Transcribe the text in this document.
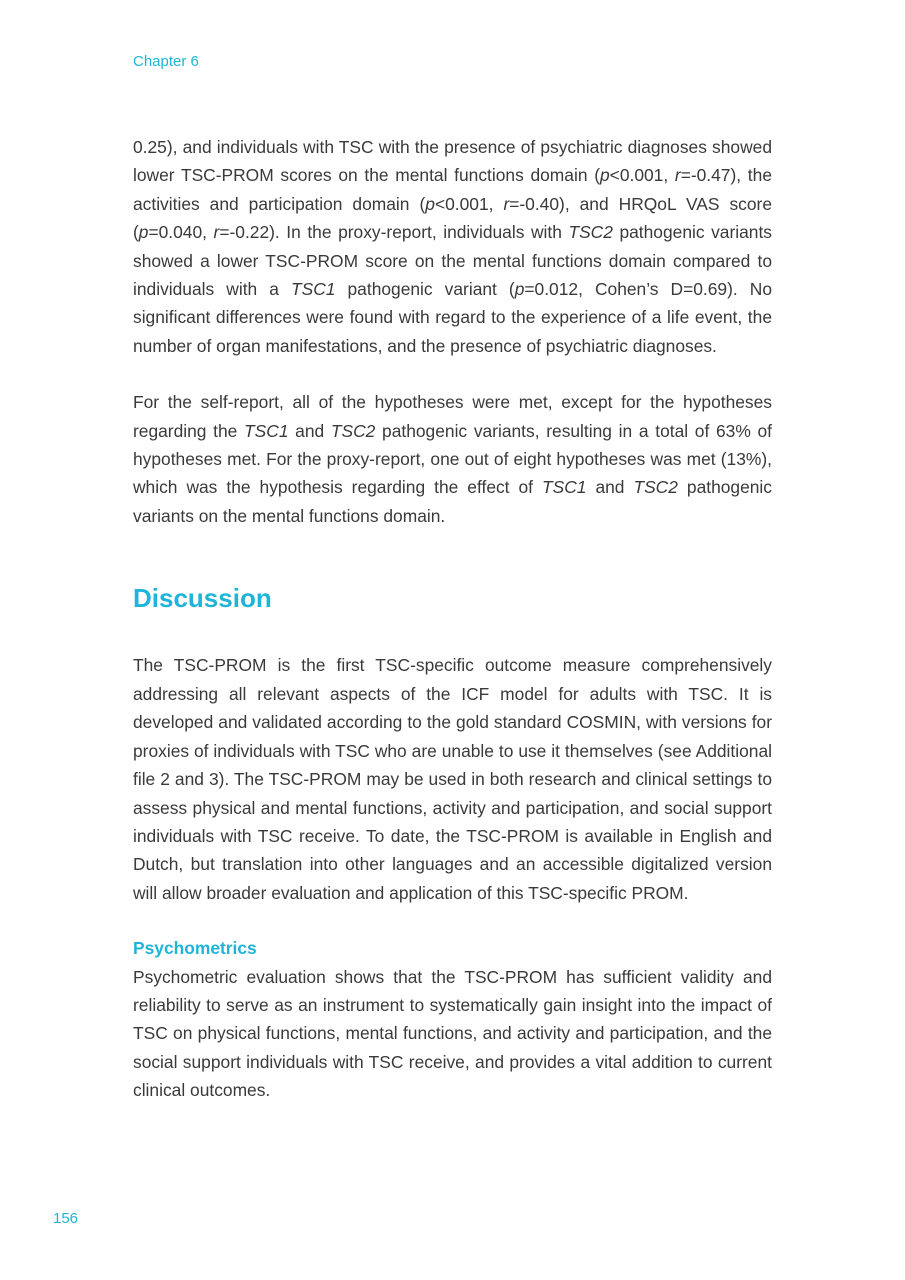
Chapter 6

0.25), and individuals with TSC with the presence of psychiatric diagnoses showed lower TSC-PROM scores on the mental functions domain (p<0.001, r=-0.47), the activities and participation domain (p<0.001, r=-0.40), and HRQoL VAS score (p=0.040, r=-0.22). In the proxy-report, individuals with TSC2 pathogenic variants showed a lower TSC-PROM score on the mental functions domain compared to individuals with a TSC1 pathogenic variant (p=0.012, Cohen’s D=0.69). No significant differences were found with regard to the experience of a life event, the number of organ manifestations, and the presence of psychiatric diagnoses.

For the self-report, all of the hypotheses were met, except for the hypotheses regarding the TSC1 and TSC2 pathogenic variants, resulting in a total of 63% of hypotheses met. For the proxy-report, one out of eight hypotheses was met (13%), which was the hypothesis regarding the effect of TSC1 and TSC2 pathogenic variants on the mental functions domain.

Discussion

The TSC-PROM is the first TSC-specific outcome measure comprehensively addressing all relevant aspects of the ICF model for adults with TSC. It is developed and validated according to the gold standard COSMIN, with versions for proxies of individuals with TSC who are unable to use it themselves (see Additional file 2 and 3). The TSC-PROM may be used in both research and clinical settings to assess physical and mental functions, activity and participation, and social support individuals with TSC receive. To date, the TSC-PROM is available in English and Dutch, but translation into other languages and an accessible digitalized version will allow broader evaluation and application of this TSC-specific PROM.

Psychometrics

Psychometric evaluation shows that the TSC-PROM has sufficient validity and reliability to serve as an instrument to systematically gain insight into the impact of TSC on physical functions, mental functions, and activity and participation, and the social support individuals with TSC receive, and provides a vital addition to current clinical outcomes.

156
